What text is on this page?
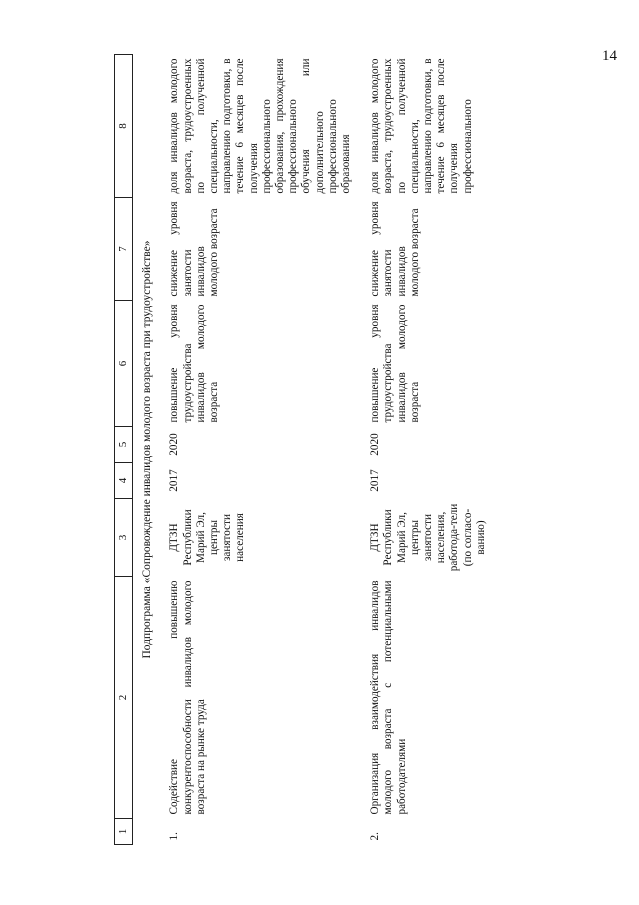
14
1	2	3	4	5	6	7	8
Подпрограмма «Сопровождение инвалидов молодого возраста при трудоустройстве»							
1.	Содействие повышению конкурентоспособности инвалидов молодого возраста на рынке труда	ДТЗН Республики Марий Эл, центры занятости населения	2017	2020	повышение уровня трудоустройства инвалидов молодого возраста	снижение уровня занятости инвалидов молодого возраста	доля инвалидов молодого возраста, трудоустроенных по полученной специальности, направлению подготовки, в течение 6 месяцев после получения профессионального образования, прохождения профессионального обучения или дополнительного профессионального образования
2.	Организация взаимодействия инвалидов молодого возраста с потенциальными работодателями	ДТЗН Республики Марий Эл, центры занятости населения, работода-тели (по согласо-ванию)	2017	2020	повышение уровня трудоустройства инвалидов молодого возраста	снижение уровня занятости инвалидов молодого возраста	доля инвалидов молодого возраста, трудоустроенных по полученной специальности, направлению подготовки, в течение 6 месяцев после получения профессионального
